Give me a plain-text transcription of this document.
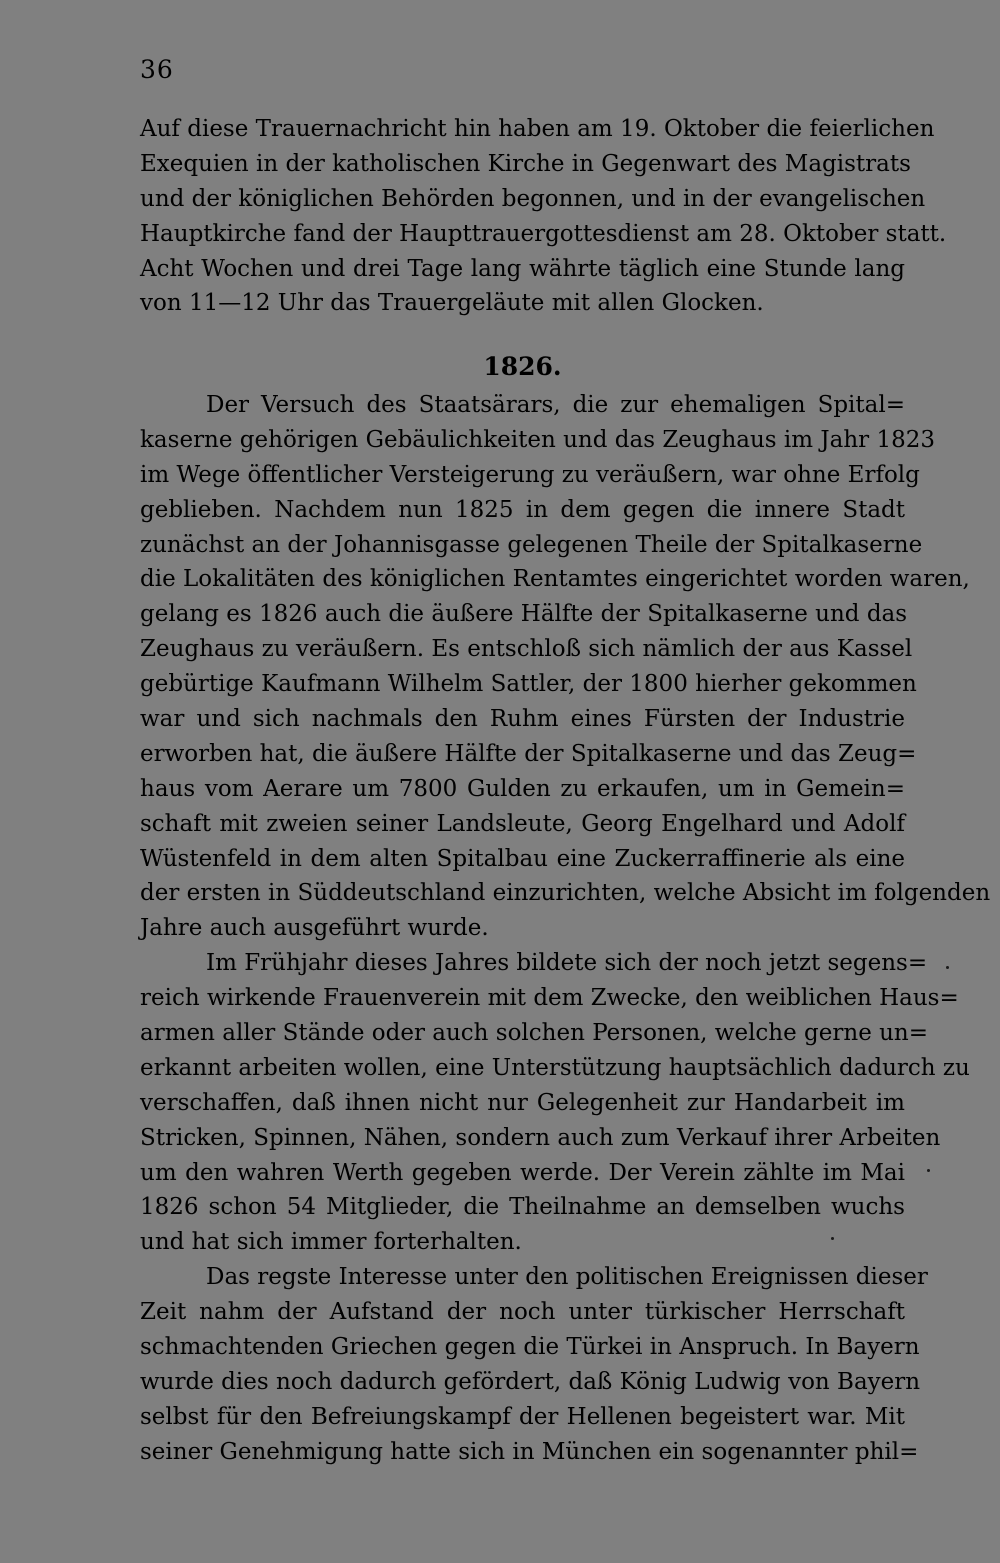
36
Auf diese Trauernachricht hin haben am 19. Oktober die feierlichen
Exequien in der katholischen Kirche in Gegenwart des Magistrats
und der königlichen Behörden begonnen, und in der evangelischen
Hauptkirche fand der Haupttrauergottesdienst am 28. Oktober statt.
Acht Wochen und drei Tage lang währte täglich eine Stunde lang
von 11—12 Uhr das Trauergeläute mit allen Glocken.
1826.
Der Versuch des Staatsärars, die zur ehemaligen Spital=
kaserne gehörigen Gebäulichkeiten und das Zeughaus im Jahr 1823
im Wege öffentlicher Versteigerung zu veräußern, war ohne Erfolg
geblieben. Nachdem nun 1825 in dem gegen die innere Stadt
zunächst an der Johannisgasse gelegenen Theile der Spitalkaserne
die Lokalitäten des königlichen Rentamtes eingerichtet worden waren,
gelang es 1826 auch die äußere Hälfte der Spitalkaserne und das
Zeughaus zu veräußern. Es entschloß sich nämlich der aus Kassel
gebürtige Kaufmann Wilhelm Sattler, der 1800 hierher gekommen
war und sich nachmals den Ruhm eines Fürsten der Industrie
erworben hat, die äußere Hälfte der Spitalkaserne und das Zeug=
haus vom Aerare um 7800 Gulden zu erkaufen, um in Gemein=
schaft mit zweien seiner Landsleute, Georg Engelhard und Adolf
Wüstenfeld in dem alten Spitalbau eine Zuckerraffinerie als eine
der ersten in Süddeutschland einzurichten, welche Absicht im folgenden
Jahre auch ausgeführt wurde.
Im Frühjahr dieses Jahres bildete sich der noch jetzt segens=
reich wirkende Frauenverein mit dem Zwecke, den weiblichen Haus=
armen aller Stände oder auch solchen Personen, welche gerne un=
erkannt arbeiten wollen, eine Unterstützung hauptsächlich dadurch zu
verschaffen, daß ihnen nicht nur Gelegenheit zur Handarbeit im
Stricken, Spinnen, Nähen, sondern auch zum Verkauf ihrer Arbeiten
um den wahren Werth gegeben werde. Der Verein zählte im Mai
1826 schon 54 Mitglieder, die Theilnahme an demselben wuchs
und hat sich immer forterhalten.
Das regste Interesse unter den politischen Ereignissen dieser
Zeit nahm der Aufstand der noch unter türkischer Herrschaft
schmachtenden Griechen gegen die Türkei in Anspruch. In Bayern
wurde dies noch dadurch gefördert, daß König Ludwig von Bayern
selbst für den Befreiungskampf der Hellenen begeistert war. Mit
seiner Genehmigung hatte sich in München ein sogenannter phil=
